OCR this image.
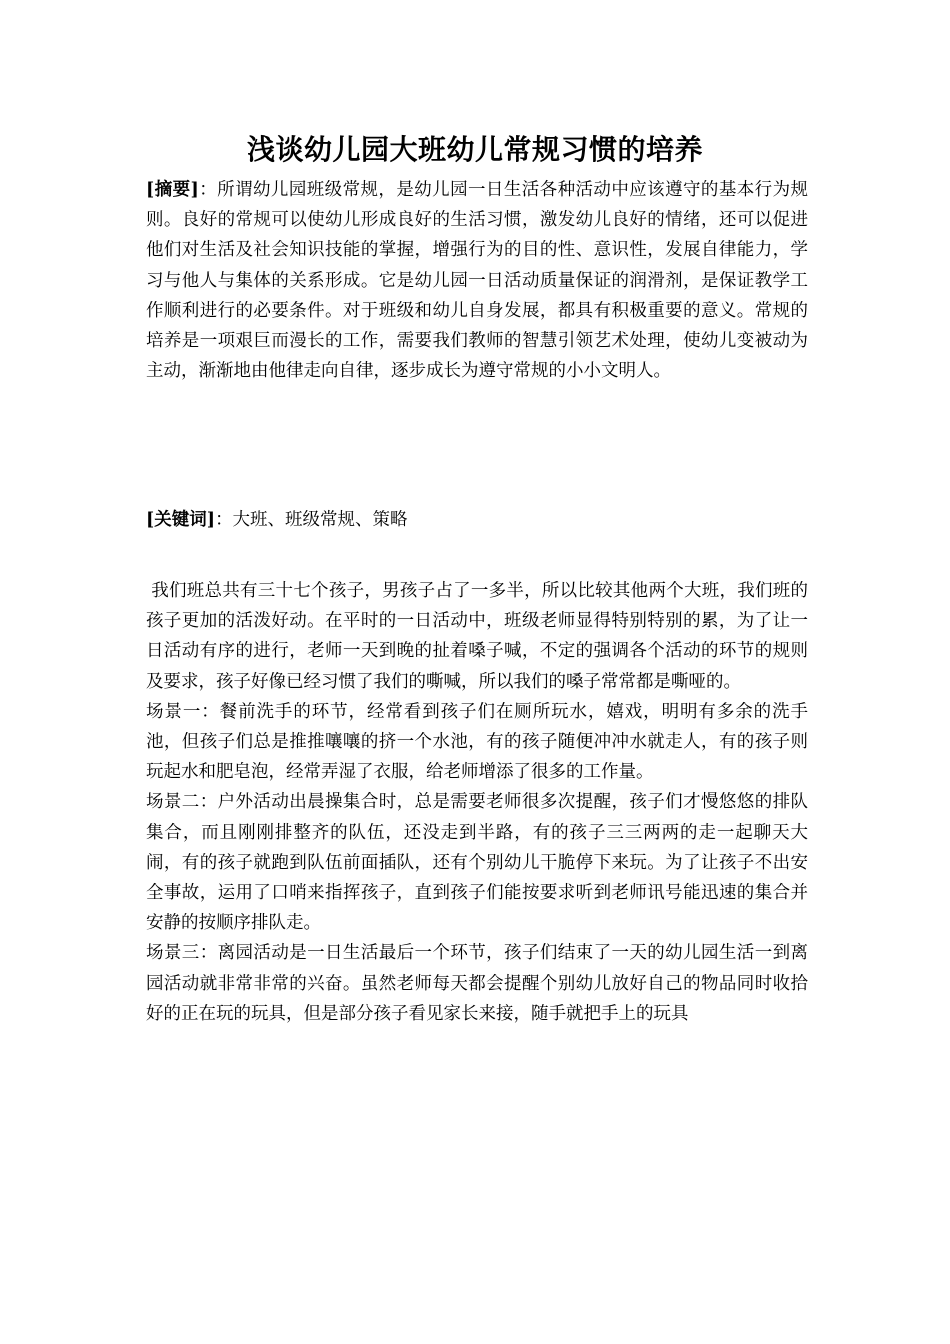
浅谈幼儿园大班幼儿常规习惯的培养

[摘要]：所谓幼儿园班级常规，是幼儿园一日生活各种活动中应该遵守的基本行为规则。良好的常规可以使幼儿形成良好的生活习惯，激发幼儿良好的情绪，还可以促进他们对生活及社会知识技能的掌握，增强行为的目的性、意识性，发展自律能力，学习与他人与集体的关系形成。它是幼儿园一日活动质量保证的润滑剂，是保证教学工作顺利进行的必要条件。对于班级和幼儿自身发展，都具有积极重要的意义。常规的培养是一项艰巨而漫长的工作，需要我们教师的智慧引领艺术处理，使幼儿变被动为主动，渐渐地由他律走向自律，逐步成长为遵守常规的小小文明人。

[关键词]：大班、班级常规、策略

我们班总共有三十七个孩子，男孩子占了一多半，所以比较其他两个大班，我们班的孩子更加的活泼好动。在平时的一日活动中，班级老师显得特别特别的累，为了让一日活动有序的进行，老师一天到晚的扯着嗓子喊，不定的强调各个活动的环节的规则及要求，孩子好像已经习惯了我们的嘶喊，所以我们的嗓子常常都是嘶哑的。

场景一：餐前洗手的环节，经常看到孩子们在厕所玩水，嬉戏，明明有多余的洗手池，但孩子们总是推推嚷嚷的挤一个水池，有的孩子随便冲冲水就走人，有的孩子则玩起水和肥皂泡，经常弄湿了衣服，给老师增添了很多的工作量。

场景二：户外活动出晨操集合时，总是需要老师很多次提醒，孩子们才慢悠悠的排队集合，而且刚刚排整齐的队伍，还没走到半路，有的孩子三三两两的走一起聊天大闹，有的孩子就跑到队伍前面插队，还有个别幼儿干脆停下来玩。为了让孩子不出安全事故，运用了口哨来指挥孩子，直到孩子们能按要求听到老师讯号能迅速的集合并安静的按顺序排队走。

场景三：离园活动是一日生活最后一个环节，孩子们结束了一天的幼儿园生活一到离园活动就非常非常的兴奋。虽然老师每天都会提醒个别幼儿放好自己的物品同时收拾好的正在玩的玩具，但是部分孩子看见家长来接，随手就把手上的玩具
